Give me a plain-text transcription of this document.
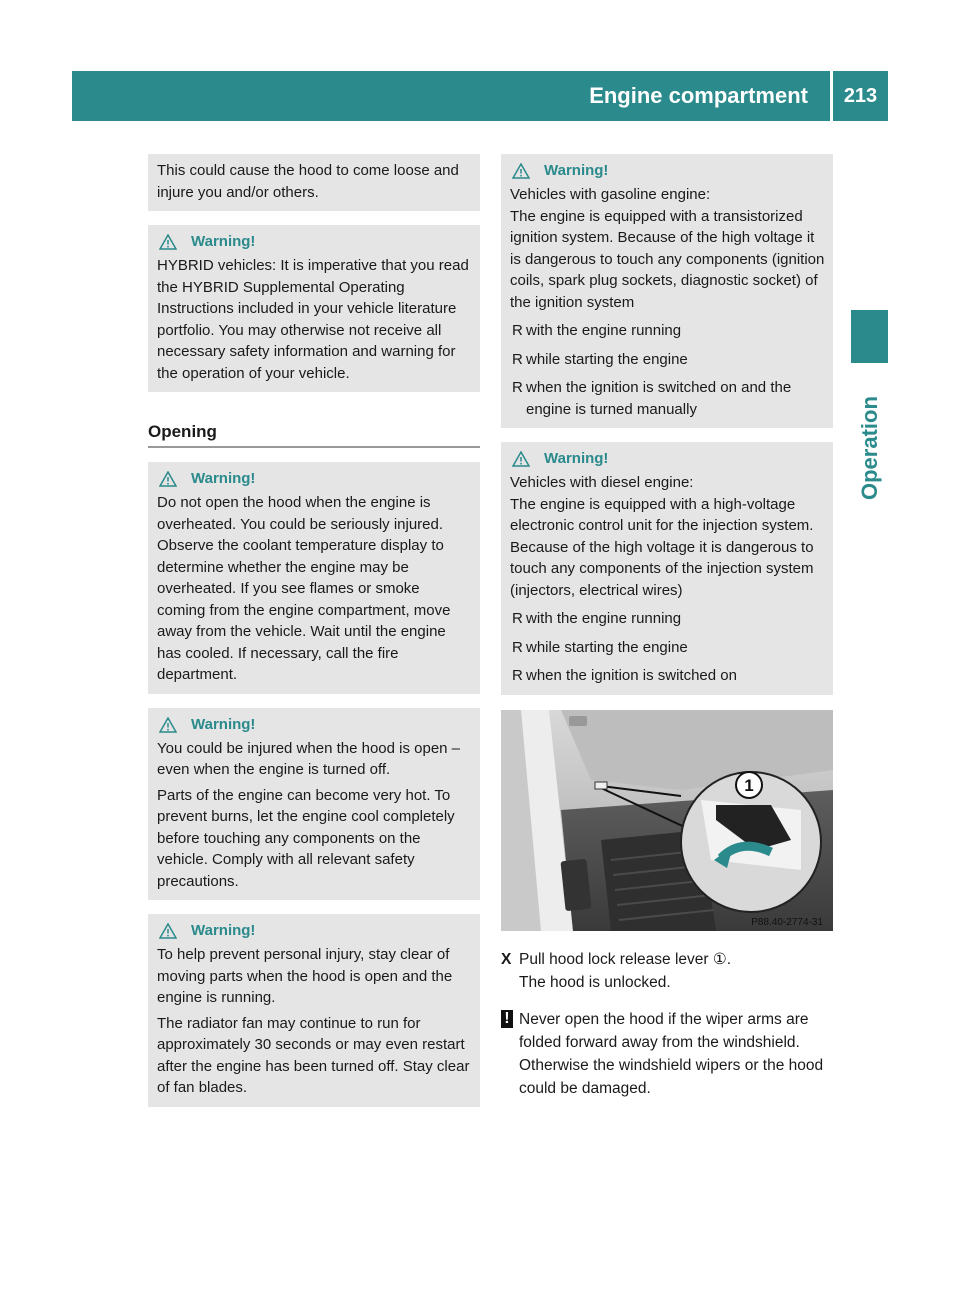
Engine compartment	213
Operation

This could cause the hood to come loose and injure you and/or others.

Warning!

HYBRID vehicles: It is imperative that you read the HYBRID Supplemental Operating Instructions included in your vehicle literature portfolio. You may otherwise not receive all necessary safety information and warning for the operation of your vehicle.

Opening
Warning!

Do not open the hood when the engine is overheated. You could be seriously injured. Observe the coolant temperature display to determine whether the engine may be overheated. If you see flames or smoke coming from the engine compartment, move away from the vehicle. Wait until the engine has cooled. If necessary, call the fire department.

Warning!

You could be injured when the hood is open – even when the engine is turned off.

Parts of the engine can become very hot. To prevent burns, let the engine cool completely before touching any components on the vehicle. Comply with all relevant safety precautions.

Warning!

To help prevent personal injury, stay clear of moving parts when the hood is open and the engine is running.

The radiator fan may continue to run for approximately 30 seconds or may even restart after the engine has been turned off. Stay clear of fan blades.

Warning!

Vehicles with gasoline engine:

The engine is equipped with a transistorized ignition system. Because of the high voltage it is dangerous to touch any components (ignition coils, spark plug sockets, diagnostic socket) of the ignition system

R with the engine running
R while starting the engine
R when the ignition is switched on and the engine is turned manually
Warning!

Vehicles with diesel engine:

The engine is equipped with a high-voltage electronic control unit for the injection system. Because of the high voltage it is dangerous to touch any components of the injection system (injectors, electrical wires)

R with the engine running
R while starting the engine
R when the ignition is switched on
1
P88.40-2774-31
X Pull hood lock release lever ①.
The hood is unlocked.
! Never open the hood if the wiper arms are folded forward away from the windshield. Otherwise the windshield wipers or the hood could be damaged.
